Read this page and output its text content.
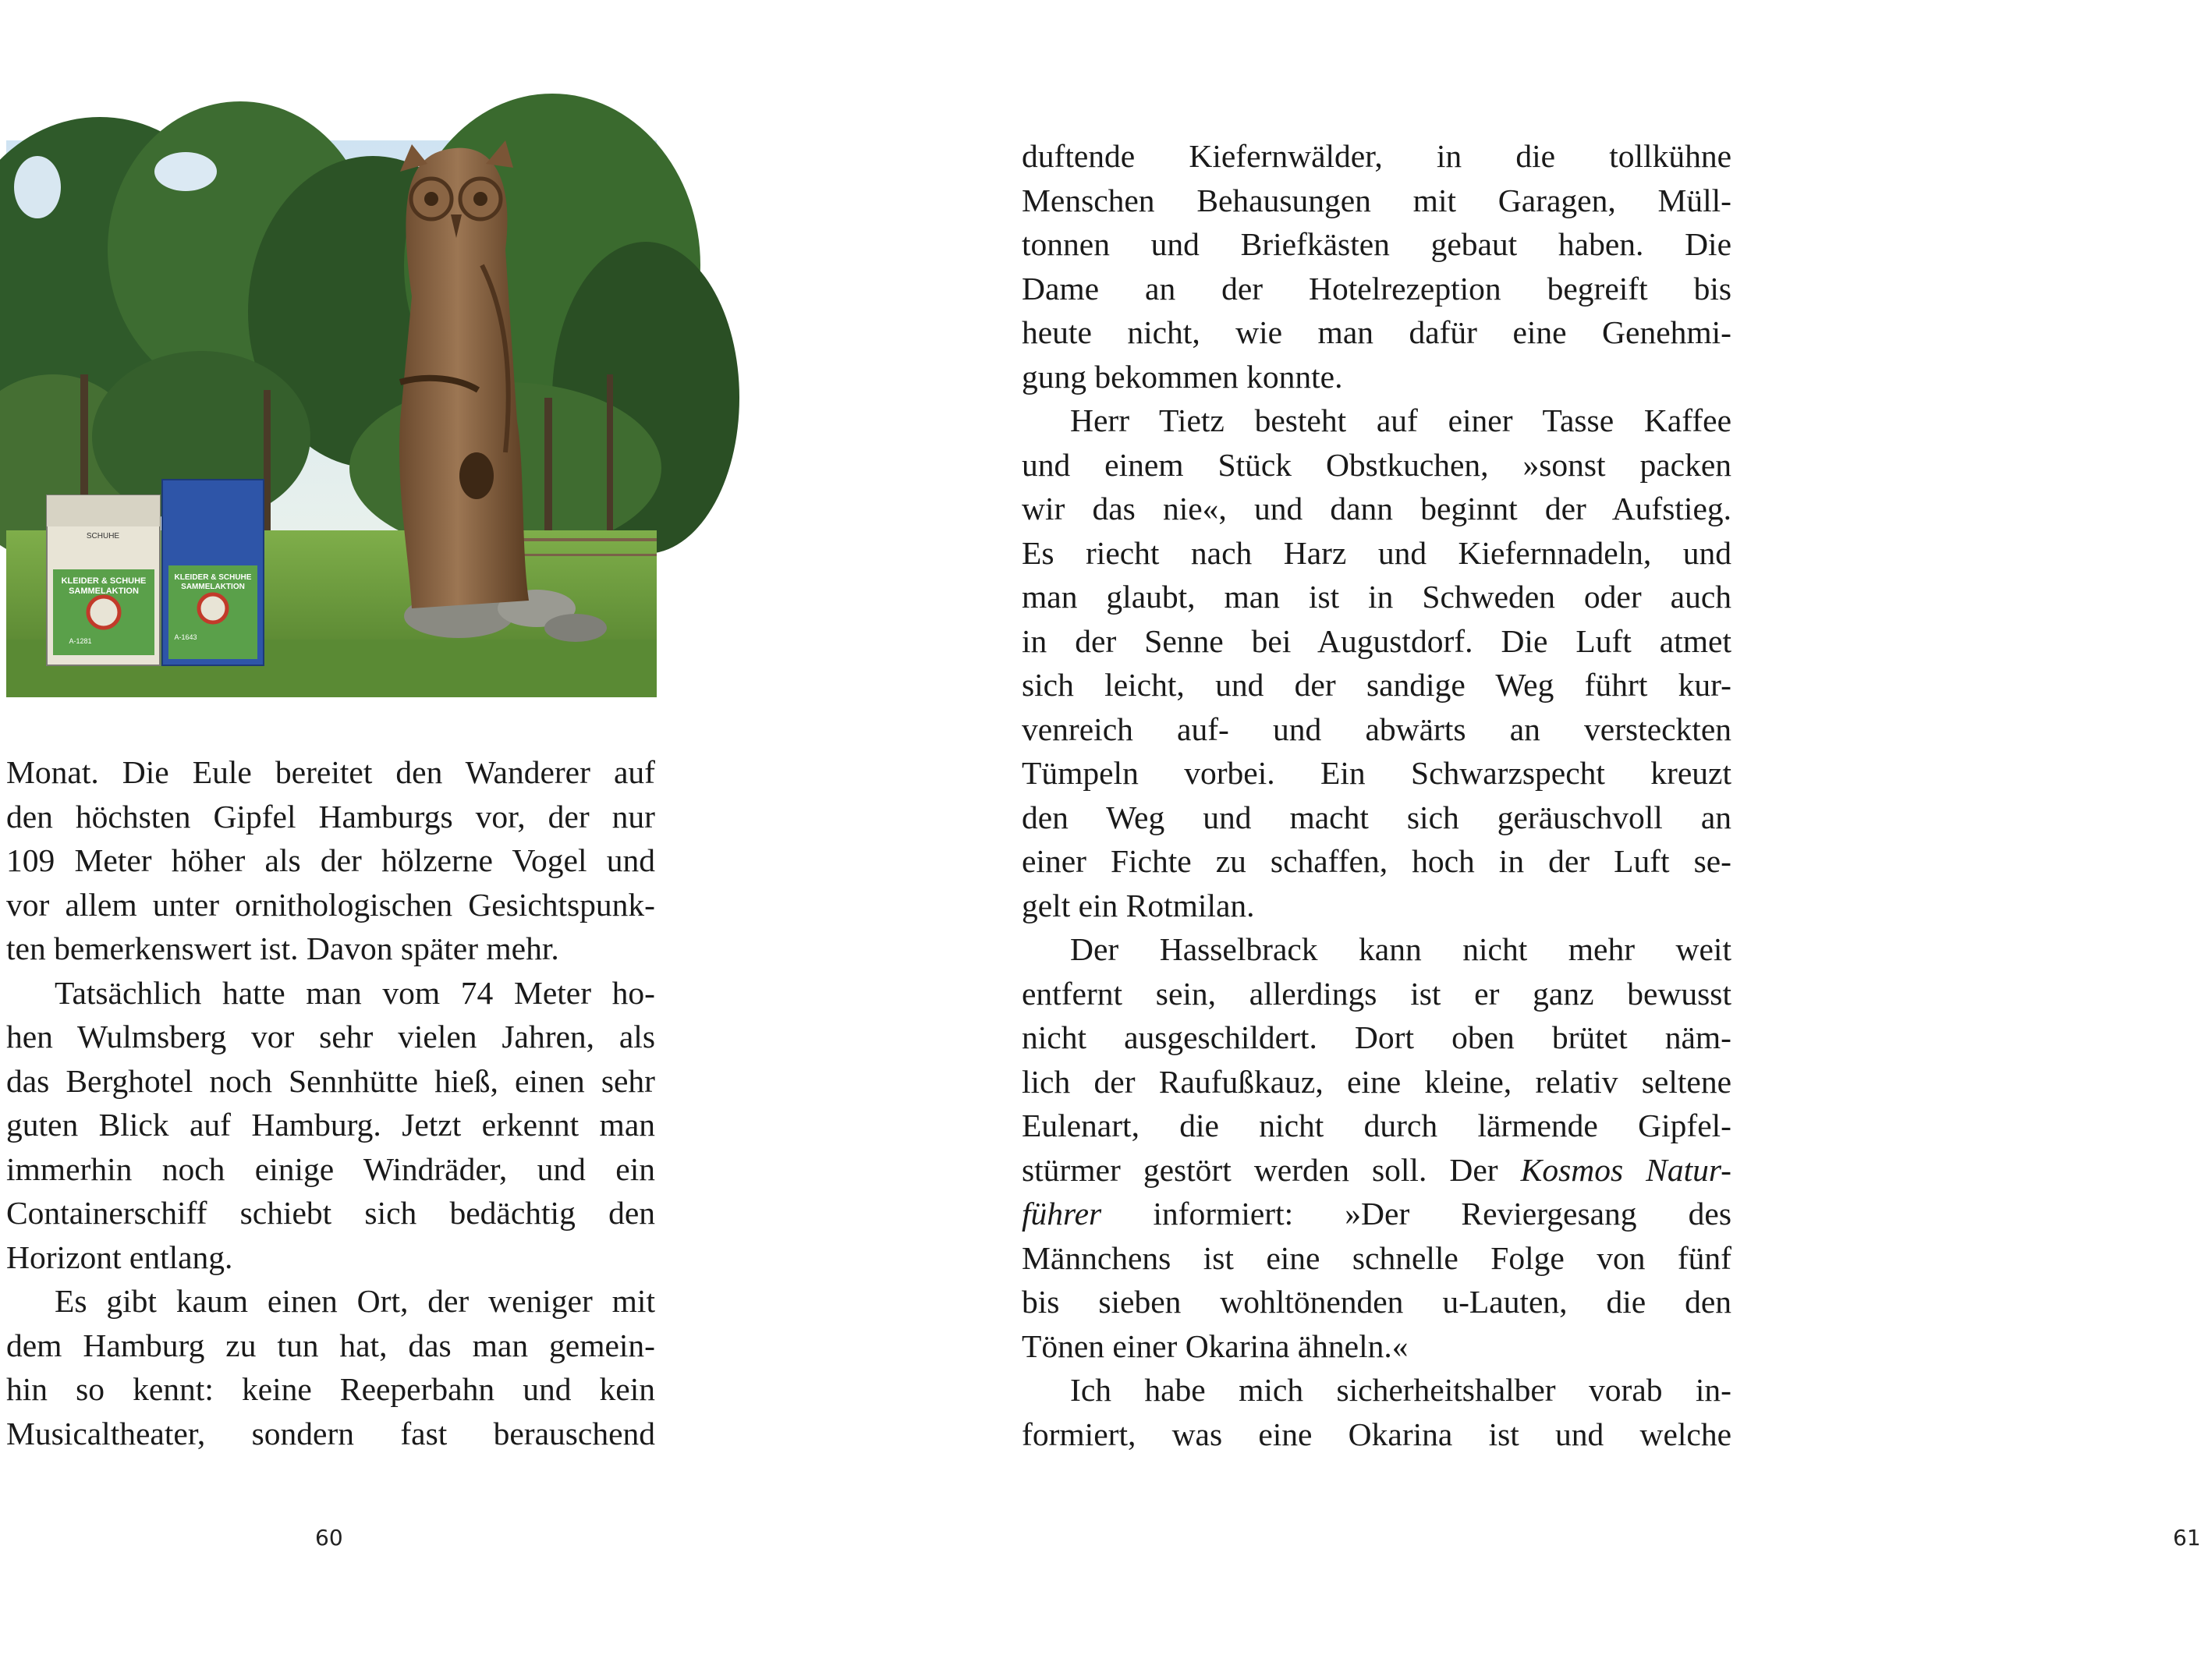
SCHUHE
KLEIDER & SCHUHE
SAMMELAKTION
A-1281
KLEIDER & SCHUHE
SAMMELAKTION
A-1643
Monat. Die Eule bereitet den Wanderer auf
den höchsten Gipfel Hamburgs vor, der nur
109 Meter höher als der hölzerne Vogel und
vor allem unter ornithologischen Gesichtspunk-
ten bemerkenswert ist. Davon später mehr.
Tatsächlich hatte man vom 74 Meter ho-
hen Wulmsberg vor sehr vielen Jahren, als
das Berghotel noch Sennhütte hieß, einen sehr
guten Blick auf Hamburg. Jetzt erkennt man
immerhin noch einige Windräder, und ein
Containerschiff schiebt sich bedächtig den
Horizont entlang.
Es gibt kaum einen Ort, der weniger mit
dem Hamburg zu tun hat, das man gemein-
hin so kennt: keine Reeperbahn und kein
Musicaltheater, sondern fast berauschend
60
duftende Kiefernwälder, in die tollkühne
Menschen Behausungen mit Garagen, Müll-
tonnen und Briefkästen gebaut haben. Die
Dame an der Hotelrezeption begreift bis
heute nicht, wie man dafür eine Genehmi-
gung bekommen konnte.
Herr Tietz besteht auf einer Tasse Kaffee
und einem Stück Obstkuchen, »sonst packen
wir das nie«, und dann beginnt der Aufstieg.
Es riecht nach Harz und Kiefernnadeln, und
man glaubt, man ist in Schweden oder auch
in der Senne bei Augustdorf. Die Luft atmet
sich leicht, und der sandige Weg führt kur-
venreich auf- und abwärts an versteckten
Tümpeln vorbei. Ein Schwarzspecht kreuzt
den Weg und macht sich geräuschvoll an
einer Fichte zu schaffen, hoch in der Luft se-
gelt ein Rotmilan.
Der Hasselbrack kann nicht mehr weit
entfernt sein, allerdings ist er ganz bewusst
nicht ausgeschildert. Dort oben brütet näm-
lich der Raufußkauz, eine kleine, relativ seltene
Eulenart, die nicht durch lärmende Gipfel-
stürmer gestört werden soll. Der Kosmos Natur-
führer informiert: »Der Reviergesang des
Männchens ist eine schnelle Folge von fünf
bis sieben wohltönenden u-Lauten, die den
Tönen einer Okarina ähneln.«
Ich habe mich sicherheitshalber vorab in-
formiert, was eine Okarina ist und welche
61
